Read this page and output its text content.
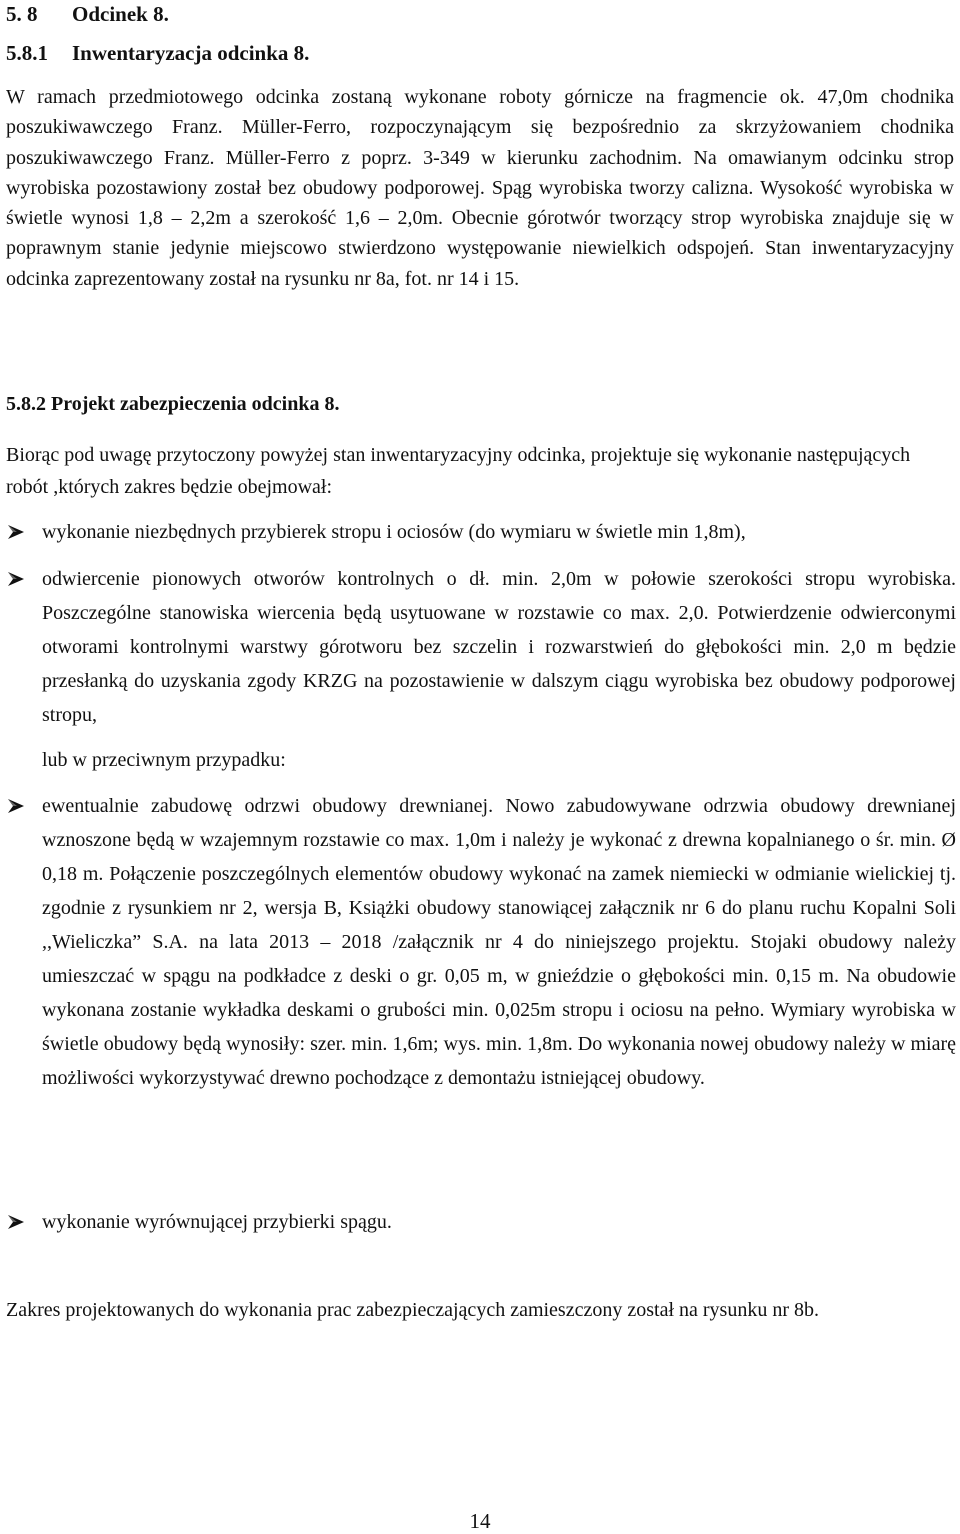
5. 8 Odcinek 8.
5.8.1 Inwentaryzacja odcinka 8.
W ramach przedmiotowego odcinka zostaną wykonane roboty górnicze na fragmencie ok. 47,0m chodnika poszukiwawczego Franz. Müller-Ferro, rozpoczynającym się bezpośrednio za skrzyżowaniem chodnika poszukiwawczego Franz. Müller-Ferro z poprz. 3-349 w kierunku zachodnim. Na omawianym odcinku strop wyrobiska pozostawiony został bez obudowy podporowej. Spąg wyrobiska tworzy calizna. Wysokość wyrobiska w świetle wynosi 1,8 – 2,2m a szerokość 1,6 – 2,0m. Obecnie górotwór tworzący strop wyrobiska znajduje się w poprawnym stanie jedynie miejscowo stwierdzono występowanie niewielkich odspojeń. Stan inwentaryzacyjny odcinka zaprezentowany został na rysunku nr 8a, fot. nr 14 i 15.
5.8.2 Projekt zabezpieczenia odcinka 8.
Biorąc pod uwagę przytoczony powyżej stan inwentaryzacyjny odcinka, projektuje się wykonanie następujących robót ,których zakres będzie obejmował:
wykonanie niezbędnych przybierek stropu i ociosów (do wymiaru w świetle min 1,8m),
odwiercenie pionowych otworów kontrolnych o dł. min. 2,0m w połowie szerokości stropu wyrobiska. Poszczególne stanowiska wiercenia będą usytuowane w rozstawie co max. 2,0. Potwierdzenie odwierconymi otworami kontrolnymi warstwy górotworu bez szczelin i rozwarstwień do głębokości min. 2,0 m będzie przesłanką do uzyskania zgody KRZG na pozostawienie w dalszym ciągu wyrobiska bez obudowy podporowej stropu,
lub w przeciwnym przypadku:
ewentualnie zabudowę odrzwi obudowy drewnianej. Nowo zabudowywane odrzwia obudowy drewnianej wznoszone będą w wzajemnym rozstawie co max. 1,0m i należy je wykonać z drewna kopalnianego o śr. min. Ø 0,18 m. Połączenie poszczególnych elementów obudowy wykonać na zamek niemiecki w odmianie wielickiej tj. zgodnie z rysunkiem nr 2, wersja B, Książki obudowy stanowiącej załącznik nr 6 do planu ruchu Kopalni Soli ,,Wieliczka” S.A. na lata 2013 – 2018 /załącznik nr 4 do niniejszego projektu. Stojaki obudowy należy umieszczać w spągu na podkładce z deski o gr. 0,05 m, w gnieździe o głębokości min. 0,15 m. Na obudowie wykonana zostanie wykładka deskami o grubości min. 0,025m stropu i ociosu na pełno. Wymiary wyrobiska w świetle obudowy będą wynosiły: szer. min. 1,6m; wys. min. 1,8m. Do wykonania nowej obudowy należy w miarę możliwości wykorzystywać drewno pochodzące z demontażu istniejącej obudowy.
wykonanie wyrównującej przybierki spągu.
Zakres projektowanych do wykonania prac zabezpieczających zamieszczony został na rysunku nr 8b.
14
